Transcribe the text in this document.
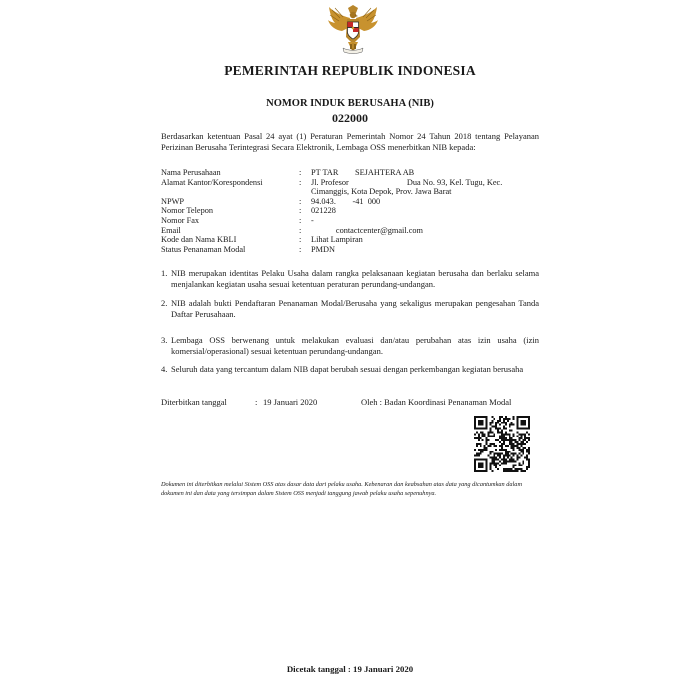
PEMERINTAH REPUBLIK INDONESIA
NOMOR INDUK BERUSAHA (NIB)
022000
Berdasarkan ketentuan Pasal 24 ayat (1) Peraturan Pemerintah Nomor 24 Tahun 2018 tentang Pelayanan Perizinan Berusaha Terintegrasi Secara Elektronik, Lembaga OSS menerbitkan NIB kepada:
Nama Perusahaan	:	PT TAR        SEJAHTERA AB
Alamat Kantor/Korespondensi	:	Jl. Profesor                            Dua No. 93, Kel. Tugu, Kec. Cimanggis, Kota Depok, Prov. Jawa Barat
NPWP	:	94.043.        -41  000
Nomor Telepon	:	021228
Nomor Fax	:	-
Email	:	contactcenter@gmail.com
Kode dan Nama KBLI	:	Lihat Lampiran
Status Penanaman Modal	:	PMDN
1. NIB merupakan identitas Pelaku Usaha dalam rangka pelaksanaan kegiatan berusaha dan berlaku selama menjalankan kegiatan usaha sesuai ketentuan peraturan perundang-undangan.
2. NIB adalah bukti Pendaftaran Penanaman Modal/Berusaha yang sekaligus merupakan pengesahan Tanda Daftar Perusahaan.
3. Lembaga OSS berwenang untuk melakukan evaluasi dan/atau perubahan atas izin usaha (izin komersial/operasional) sesuai ketentuan perundang-undangan.
4. Seluruh data yang tercantum dalam NIB dapat berubah sesuai dengan perkembangan kegiatan berusaha
Diterbitkan tanggal	: 19 Januari 2020	Oleh : Badan Koordinasi Penanaman Modal
Dokumen ini diterbitkan melalui Sistem OSS atas dasar data dari pelaku usaha. Kebenaran dan keabsahan atas data yang dicantumkan dalam dokumen ini dan data yang tersimpan dalam Sistem OSS menjadi tanggung jawab pelaku usaha sepenuhnya.
Dicetak tanggal : 19 Januari 2020
